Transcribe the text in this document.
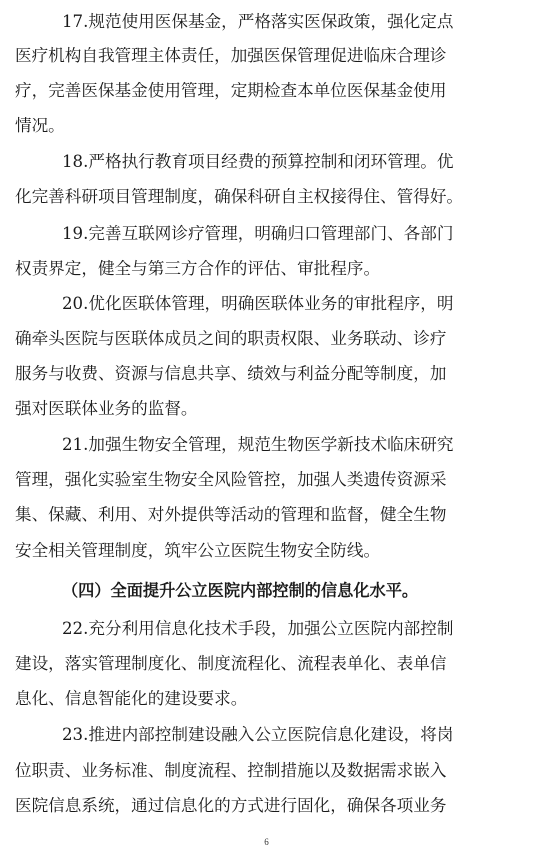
17.规范使用医保基金，严格落实医保政策，强化定点
医疗机构自我管理主体责任，加强医保管理促进临床合理诊
疗，完善医保基金使用管理，定期检查本单位医保基金使用
情况。
18.严格执行教育项目经费的预算控制和闭环管理。优
化完善科研项目管理制度，确保科研自主权接得住、管得好。
19.完善互联网诊疗管理，明确归口管理部门、各部门
权责界定，健全与第三方合作的评估、审批程序。
20.优化医联体管理，明确医联体业务的审批程序，明
确牵头医院与医联体成员之间的职责权限、业务联动、诊疗
服务与收费、资源与信息共享、绩效与利益分配等制度，加
强对医联体业务的监督。
21.加强生物安全管理，规范生物医学新技术临床研究
管理，强化实验室生物安全风险管控，加强人类遗传资源采
集、保藏、利用、对外提供等活动的管理和监督，健全生物
安全相关管理制度，筑牢公立医院生物安全防线。
（四）全面提升公立医院内部控制的信息化水平。
22.充分利用信息化技术手段，加强公立医院内部控制
建设，落实管理制度化、制度流程化、流程表单化、表单信
息化、信息智能化的建设要求。
23.推进内部控制建设融入公立医院信息化建设，将岗
位职责、业务标准、制度流程、控制措施以及数据需求嵌入
医院信息系统，通过信息化的方式进行固化，确保各项业务
6
